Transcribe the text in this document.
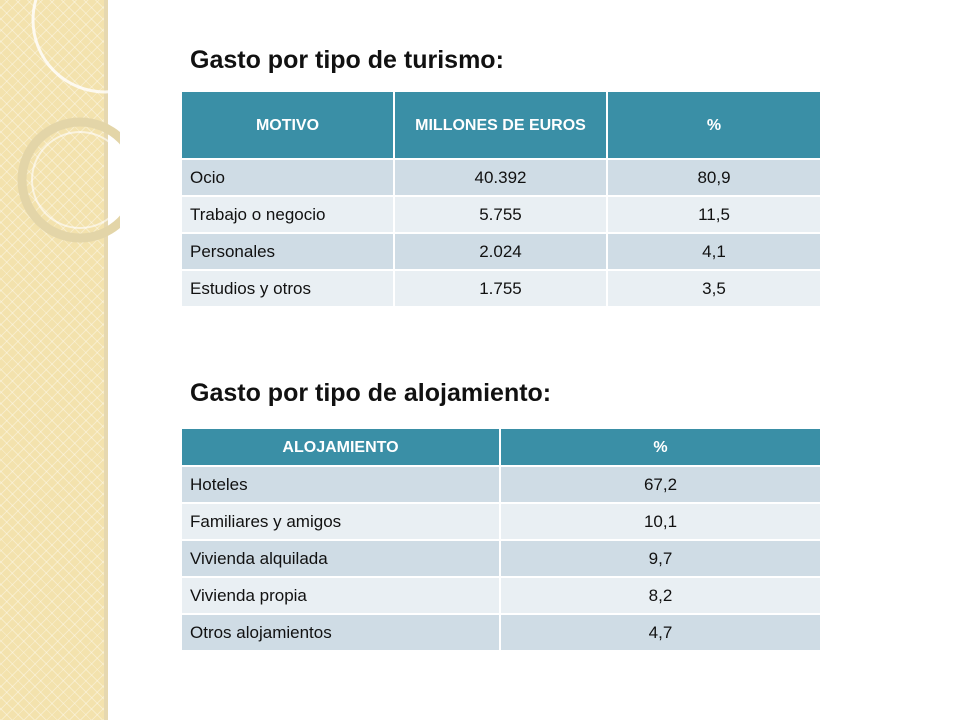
Gasto por tipo de turismo:
MOTIVO	MILLONES DE EUROS	%
Ocio	40.392	80,9
Trabajo o negocio	5.755	11,5
Personales	2.024	4,1
Estudios y otros	1.755	3,5
Gasto por tipo de alojamiento:
ALOJAMIENTO	%
Hoteles	67,2
Familiares y amigos	10,1
Vivienda alquilada	9,7
Vivienda propia	8,2
Otros alojamientos	4,7
